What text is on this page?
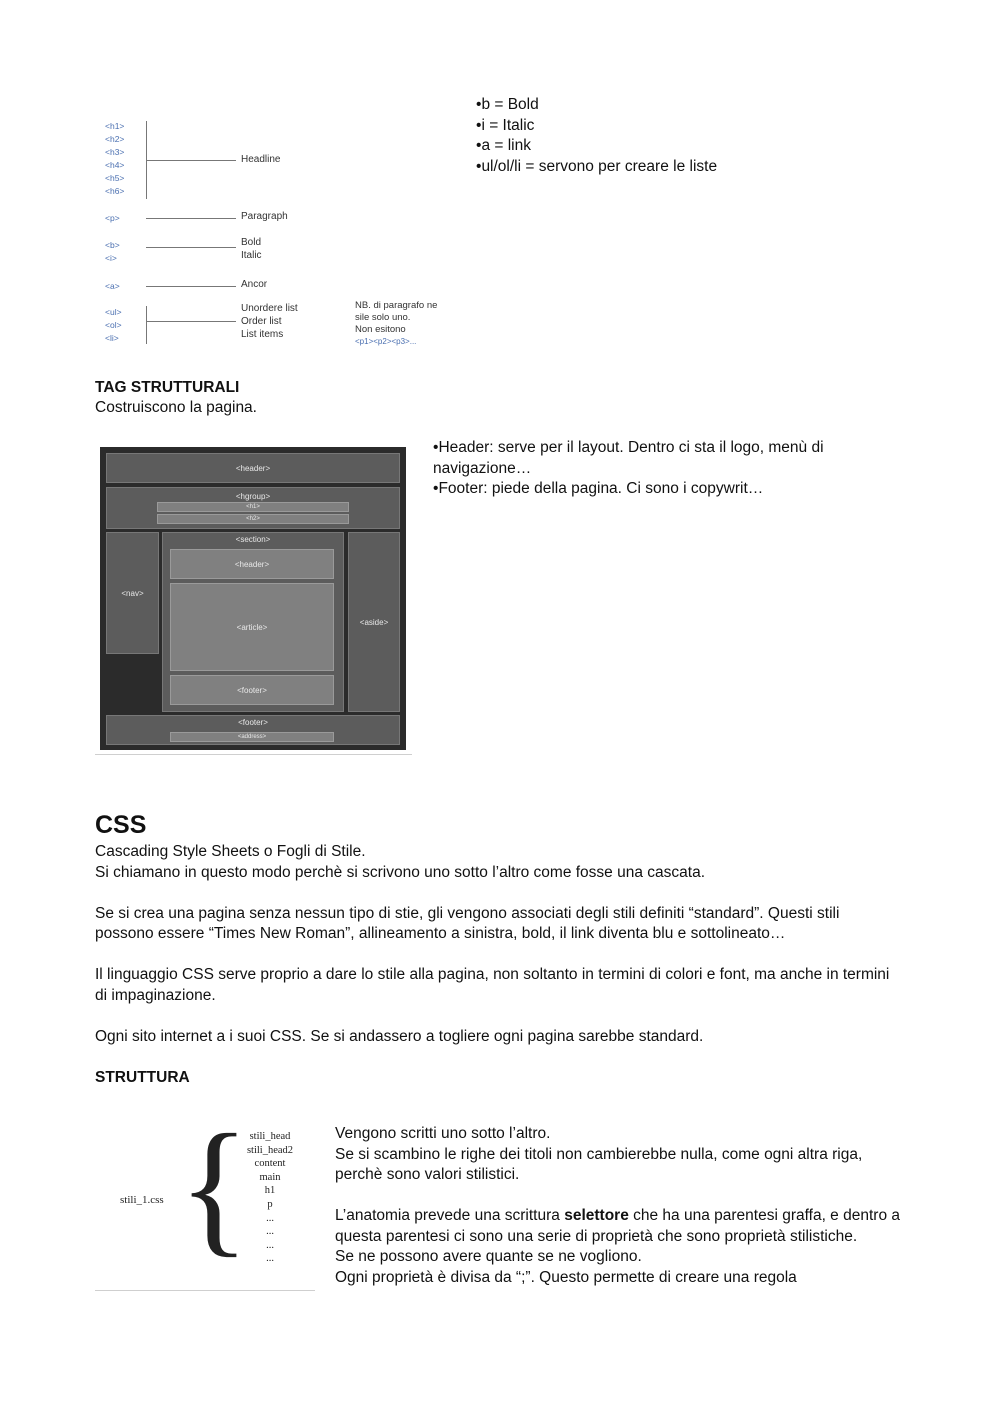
<h1>
<h2>
<h3>
<h4>
<h5>
<h6>
Headline
<p>	Paragraph
<b>
<i>
Bold
Italic
<a>	Ancor
<ul>
<ol>
<li>
Unordere list
Order list
List items
NB. di paragrafo ne
sile solo uno.
Non esitono
<p1><p2><p3>...
• b = Bold
• i = Italic
• a = link
• ul/ol/li = servono per creare le liste

TAG STRUTTURALI

Costruiscono la pagina.

<header>
<hgroup>
<h1>
<h2>
<nav>
<section>
<header>
<article>
<footer>
<aside>
<footer>
<address>
• Header: serve per il layout. Dentro ci sta il logo, menù di navigazione…
• Footer: piede della pagina. Ci sono i copywrit…
CSS
Cascading Style Sheets o Fogli di Stile.
Si chiamano in questo modo perchè si scrivono uno sotto l’altro come fosse una cascata.

Se si crea una pagina senza nessun tipo di stie, gli vengono associati degli stili definiti “standard”. Questi stili possono essere “Times New Roman”, allineamento a sinistra, bold, il link diventa blu e sottolineato…

Il linguaggio CSS serve proprio a dare lo stile alla pagina, non soltanto in termini di colori e font, ma anche in termini di impaginazione.

Ogni sito internet a i suoi CSS. Se si andassero a togliere ogni pagina sarebbe standard.

STRUTTURA

stili_1.css { stili_head
stili_head2
content
main
h1
p
...
...
...
...
Vengono scritti uno sotto l’altro.
Se si scambino le righe dei titoli non cambierebbe nulla, come ogni altra riga, perchè sono valori stilistici.
L’anatomia prevede una scrittura selettore che ha una parentesi graffa, e dentro a questa parentesi ci sono una serie di proprietà che sono proprietà stilistiche.
Se ne possono avere quante se ne vogliono.
Ogni proprietà è divisa da “;”. Questo permette di creare una regola
